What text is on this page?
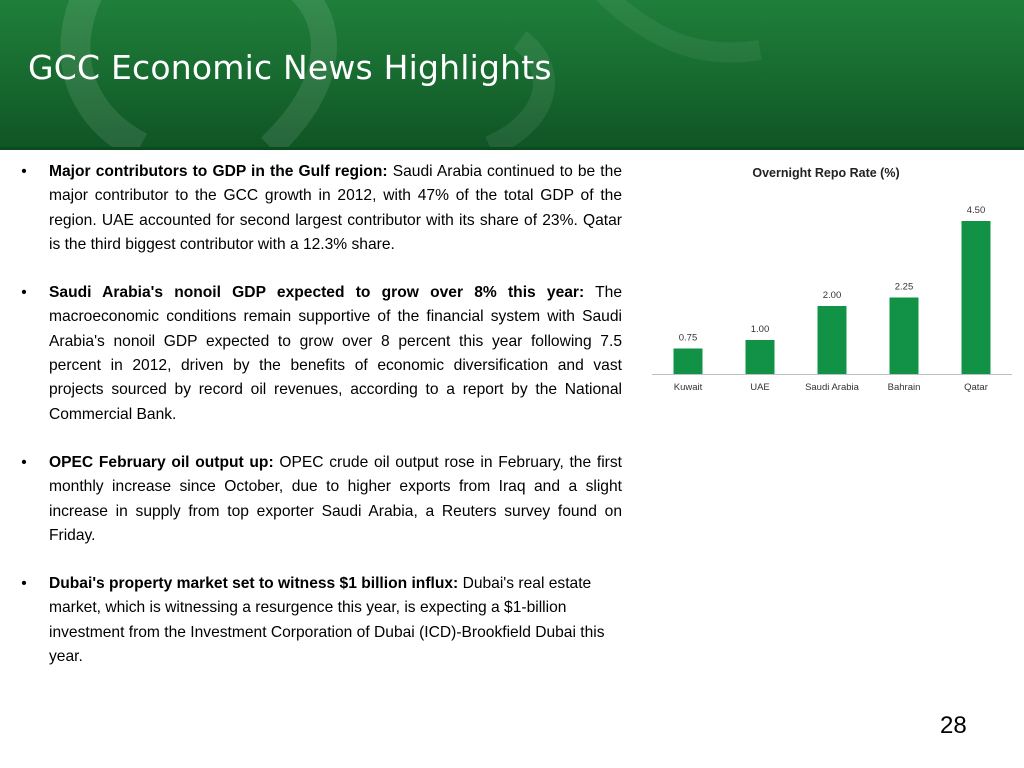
GCC Economic News Highlights
•	Major contributors to GDP in the Gulf region: Saudi Arabia continued to be the major contributor to the GCC growth in 2012, with 47% of the total GDP of the region. UAE accounted for second largest contributor with its share of 23%. Qatar is the third biggest contributor with a 12.3% share.
•	Saudi Arabia's nonoil GDP expected to grow over 8% this year: The macroeconomic conditions remain supportive of the financial system with Saudi Arabia's nonoil GDP expected to grow over 8 percent this year following 7.5 percent in 2012, driven by the benefits of economic diversification and vast projects sourced by record oil revenues, according to a report by the National Commercial Bank.
•	OPEC February oil output up: OPEC crude oil output rose in February, the first monthly increase since October, due to higher exports from Iraq and a slight increase in supply from top exporter Saudi Arabia, a Reuters survey found on Friday.
•	Dubai's property market set to witness $1 billion influx: Dubai's real estate market, which is witnessing a resurgence this year, is expecting a $1-billion investment from the Investment Corporation of Dubai (ICD)-Brookfield Dubai this year.
Overnight Repo Rate (%)
0.75
Kuwait
1.00
UAE
2.00
Saudi Arabia
2.25
Bahrain
4.50
Qatar
28
